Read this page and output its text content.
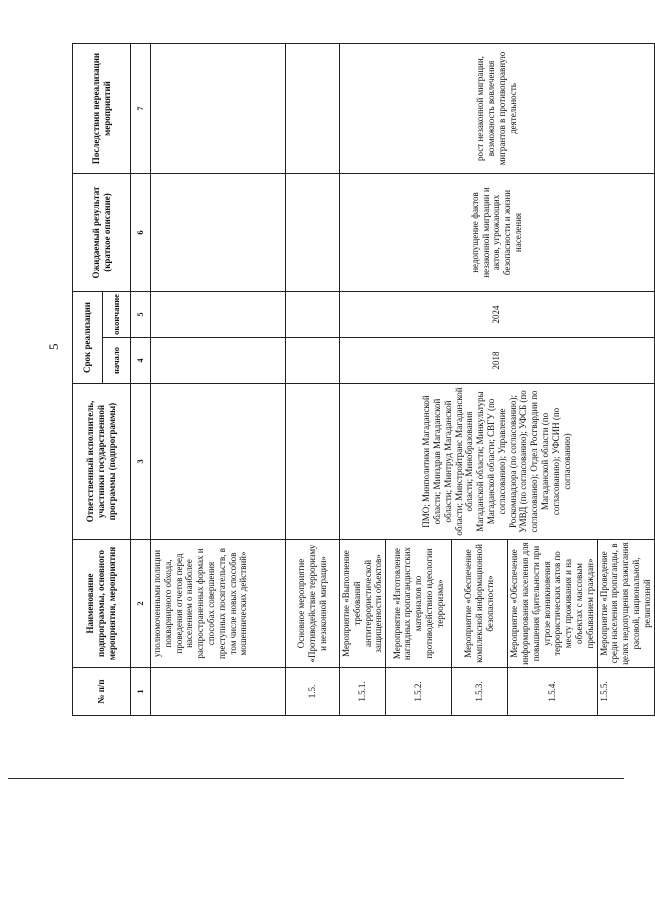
5
№ п/п	Наименование подпрограммы, основного мероприятия, мероприятия	Ответственный исполнитель, участники государственной программы (подпрограммы)	Срок реализации		Ожидаемый результат (краткое описание)	Последствия нереализации мероприятий
			начало	окончание		
1	2	3	4	5	6	7
	уполномоченными полиции покварнирного обхода, проведения отчетов перед населением о наиболее распространенных формах и способах совершения преступных посягательств, в том числе новых способов мошеннических действий»					
1.5.	Основное мероприятие «Противодействие терроризму и незаконной миграции»					
1.5.1.	Мероприятие «Выполнение требований антитеррористической защищенности объектов»	ПМО; Минполитики Магаданской области; Минздрав Магаданской области; Минтруд Магаданской области; Минстройтранс Магаданской области; Минобразования Магаданской области; Минкультуры Магаданской области; СВГУ (по согласованию); Управление Роскомнадзора (по согласованию); УМВД (по согласованию); УФСБ (по согласованию); Отдел Росгвардии по Магаданской области (по согласованию); УФСИН (по согласованию)	2018	2024	недопущение фактов незаконной миграции и актов, угрожающих безопасности и жизни населения	рост незаконной миграции, возможность вовлечения мигрантов в противоправную деятельность
1.5.2.	Мероприятие «Изготовление наглядных пропагандистских материалов по противодействию идеологии терроризма»					
1.5.3.	Мероприятие «Обеспечение комплексной информационной безопасности»					
1.5.4.	Мероприятие «Обеспечение информирования населения для повышения бдительности при угрозе возникновения террористических актов по месту проживания и на объектах с массовым пребыванием граждан»					
1.5.5.	Мероприятие «Проведение среди населения пропаганды, в целях недопущения разжигания расовой, национальной, религиозной					
